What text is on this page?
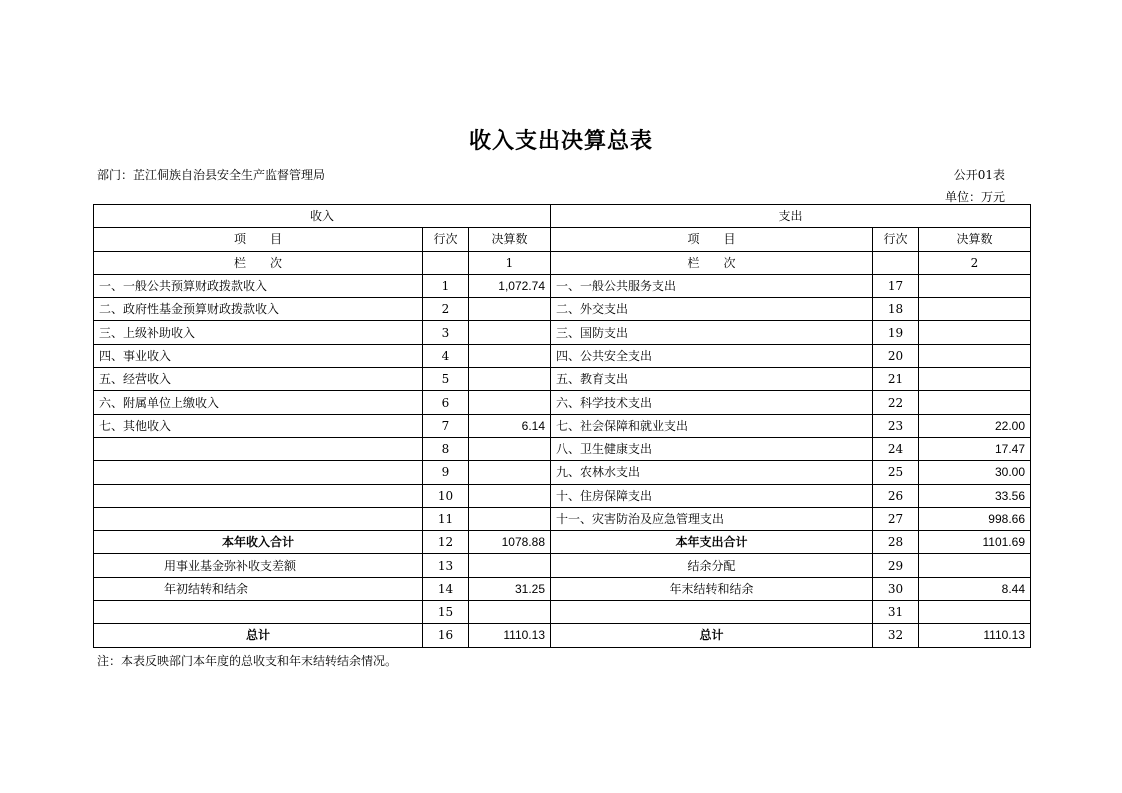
收入支出决算总表
部门：芷江侗族自治县安全生产监督管理局	公开01表
单位：万元
收入			支出		
项　　目	行次	决算数	项　　目	行次	决算数
栏　　次		1	栏　　次		2
一、一般公共预算财政拨款收入	1	1,072.74	一、一般公共服务支出	17	
二、政府性基金预算财政拨款收入	2		二、外交支出	18	
三、上级补助收入	3		三、国防支出	19	
四、事业收入	4		四、公共安全支出	20	
五、经营收入	5		五、教育支出	21	
六、附属单位上缴收入	6		六、科学技术支出	22	
七、其他收入	7	6.14	七、社会保障和就业支出	23	22.00
	8		八、卫生健康支出	24	17.47
	9		九、农林水支出	25	30.00
	10		十、住房保障支出	26	33.56
	11		十一、灾害防治及应急管理支出	27	998.66
本年收入合计	12	1078.88	本年支出合计	28	1101.69
用事业基金弥补收支差额	13		结余分配	29	
年初结转和结余	14	31.25	年末结转和结余	30	8.44
	15			31	
总计	16	1110.13	总计	32	1110.13
注：本表反映部门本年度的总收支和年末结转结余情况。
